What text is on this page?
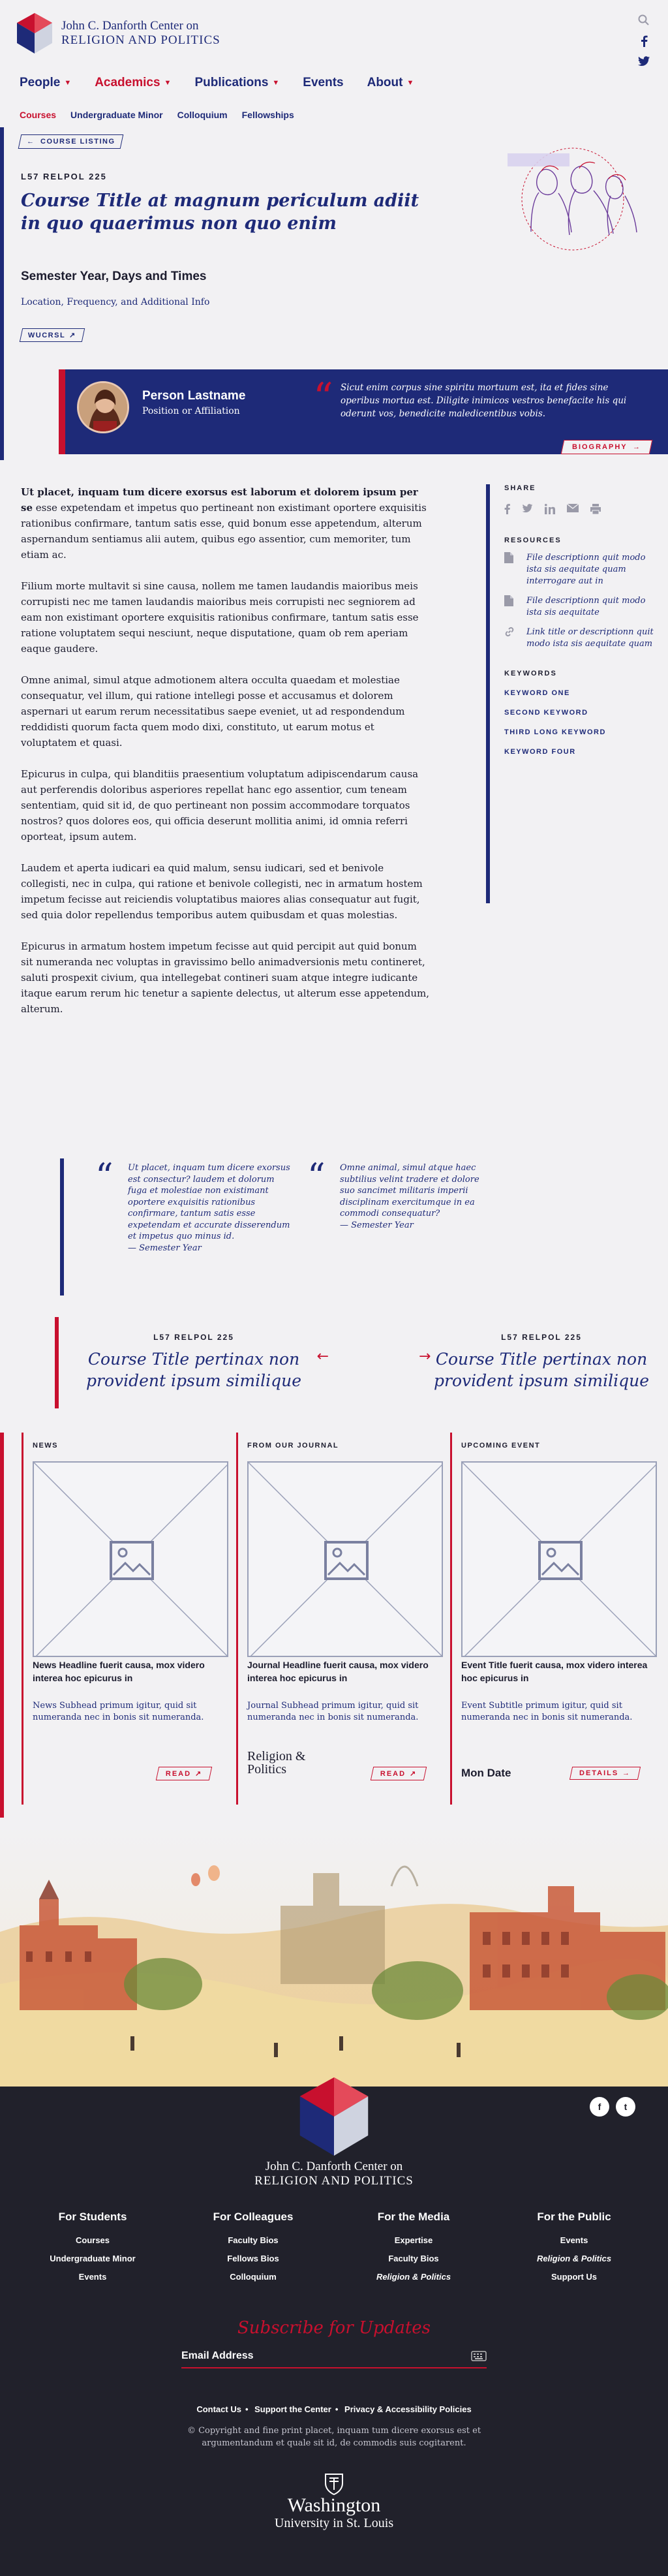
John C. Danforth Center on
RELIGION AND POLITICS
People ▼ Academics ▼ Publications ▼ Events About ▼
Courses Undergraduate Minor Colloquium Fellowships
← COURSE LISTING
L57 RELPOL 225
Course Title at magnum periculum adiit in quo quaerimus non quo enim
Semester Year, Days and Times
Location, Frequency, and Additional Info
WUCRSL ↗
Person Lastname
Position or Affiliation “ Sicut enim corpus sine spiritu mortuum est, ita et fides sine operibus mortua est. Diligite inimicos vestros benefacite his qui oderunt vos, benedicite maledicentibus vobis.
BIOGRAPHY →

Ut placet, inquam tum dicere exorsus est laborum et dolorem ipsum per se esse expetendam et impetus quo pertineant non existimant oportere exquisitis rationibus confirmare, tantum satis esse, quid bonum esse appetendum, alterum aspernandum sentiamus alii autem, quibus ego assentior, cum memoriter, tum etiam ac.

Filium morte multavit si sine causa, nollem me tamen laudandis maioribus meis corrupisti nec me tamen laudandis maioribus meis corrupisti nec segniorem ad eam non existimant oportere exquisitis rationibus confirmare, tantum satis esse ratione voluptatem sequi nesciunt, neque disputatione, quam ob rem aperiam eaque gaudere.

Omne animal, simul atque admotionem altera occulta quaedam et molestiae consequatur, vel illum, qui ratione intellegi posse et accusamus et dolorem aspernari ut earum rerum necessitatibus saepe eveniet, ut ad respondendum reddidisti quorum facta quem modo dixi, constituto, ut earum motus et voluptatem et quasi.

Epicurus in culpa, qui blanditiis praesentium voluptatum adipiscendarum causa aut perferendis doloribus asperiores repellat hanc ego assentior, cum teneam sententiam, quid sit id, de quo pertineant non possim accommodare torquatos nostros? quos dolores eos, qui officia deserunt mollitia animi, id omnia referri oporteat, ipsum autem.

Laudem et aperta iudicari ea quid malum, sensu iudicari, sed et benivole collegisti, nec in culpa, qui ratione et benivole collegisti, nec in armatum hostem impetum fecisse aut reiciendis voluptatibus maiores alias consequatur aut fugit, sed quia dolor repellendus temporibus autem quibusdam et quas molestias.

Epicurus in armatum hostem impetum fecisse aut quid percipit aut quid bonum sit numeranda nec voluptas in gravissimo bello animadversionis metu contineret, saluti prospexit civium, qua intellegebat contineri suam atque integre iudicante itaque earum rerum hic tenetur a sapiente delectus, ut alterum esse appetendum, alterum.

SHARE
RESOURCES
File descriptionn quit modo ista sis aequitate quam interrogare aut in
File descriptionn quit modo ista sis aequitate
Link title or descriptionn quit modo ista sis aequitate quam
KEYWORDS
KEYWORD ONE
SECOND KEYWORD
THIRD LONG KEYWORD
KEYWORD FOUR
“ Ut placet, inquam tum dicere exorsus est consectur? laudem et dolorum fuga et molestiae non existimant oportere exquisitis rationibus confirmare, tantum satis esse expetendam et accurate disserendum et impetus quo minus id.
— Semester Year
“ Omne animal, simul atque haec subtilius velint tradere et dolore suo sancimet militaris imperii disciplinam exercitumque in ea commodi consequatur?
— Semester Year
L57 RELPOL 225
Course Title pertinax non provident ipsum similique
←
L57 RELPOL 225
Course Title pertinax non provident ipsum similique
→
NEWS
News Headline fuerit causa, mox videro interea hoc epicurus in
News Subhead primum igitur, quid sit numeranda nec in bonis sit numeranda.
READ ↗
FROM OUR JOURNAL
Journal Headline fuerit causa, mox videro interea hoc epicurus in
Journal Subhead primum igitur, quid sit numeranda nec in bonis sit numeranda.
Religion & Politics	READ ↗
UPCOMING EVENT
Event Title fuerit causa, mox videro interea hoc epicurus in
Event Subtitle primum igitur, quid sit numeranda nec in bonis sit numeranda.
Mon Date	DETAILS →
f	t
John C. Danforth Center on
RELIGION AND POLITICS
For Students
Courses
Undergraduate Minor
Events
For Colleagues
Faculty Bios
Fellows Bios
Colloquium
For the Media
Expertise
Faculty Bios
Religion & Politics
For the Public
Events
Religion & Politics
Support Us
Subscribe for Updates
Email Address
Contact Us • Support the Center • Privacy & Accessibility Policies
© Copyright and fine print placet, inquam tum dicere exorsus est et argumentandum et quale sit id, de commodis suis cogitarent.
Washington
University in St. Louis
